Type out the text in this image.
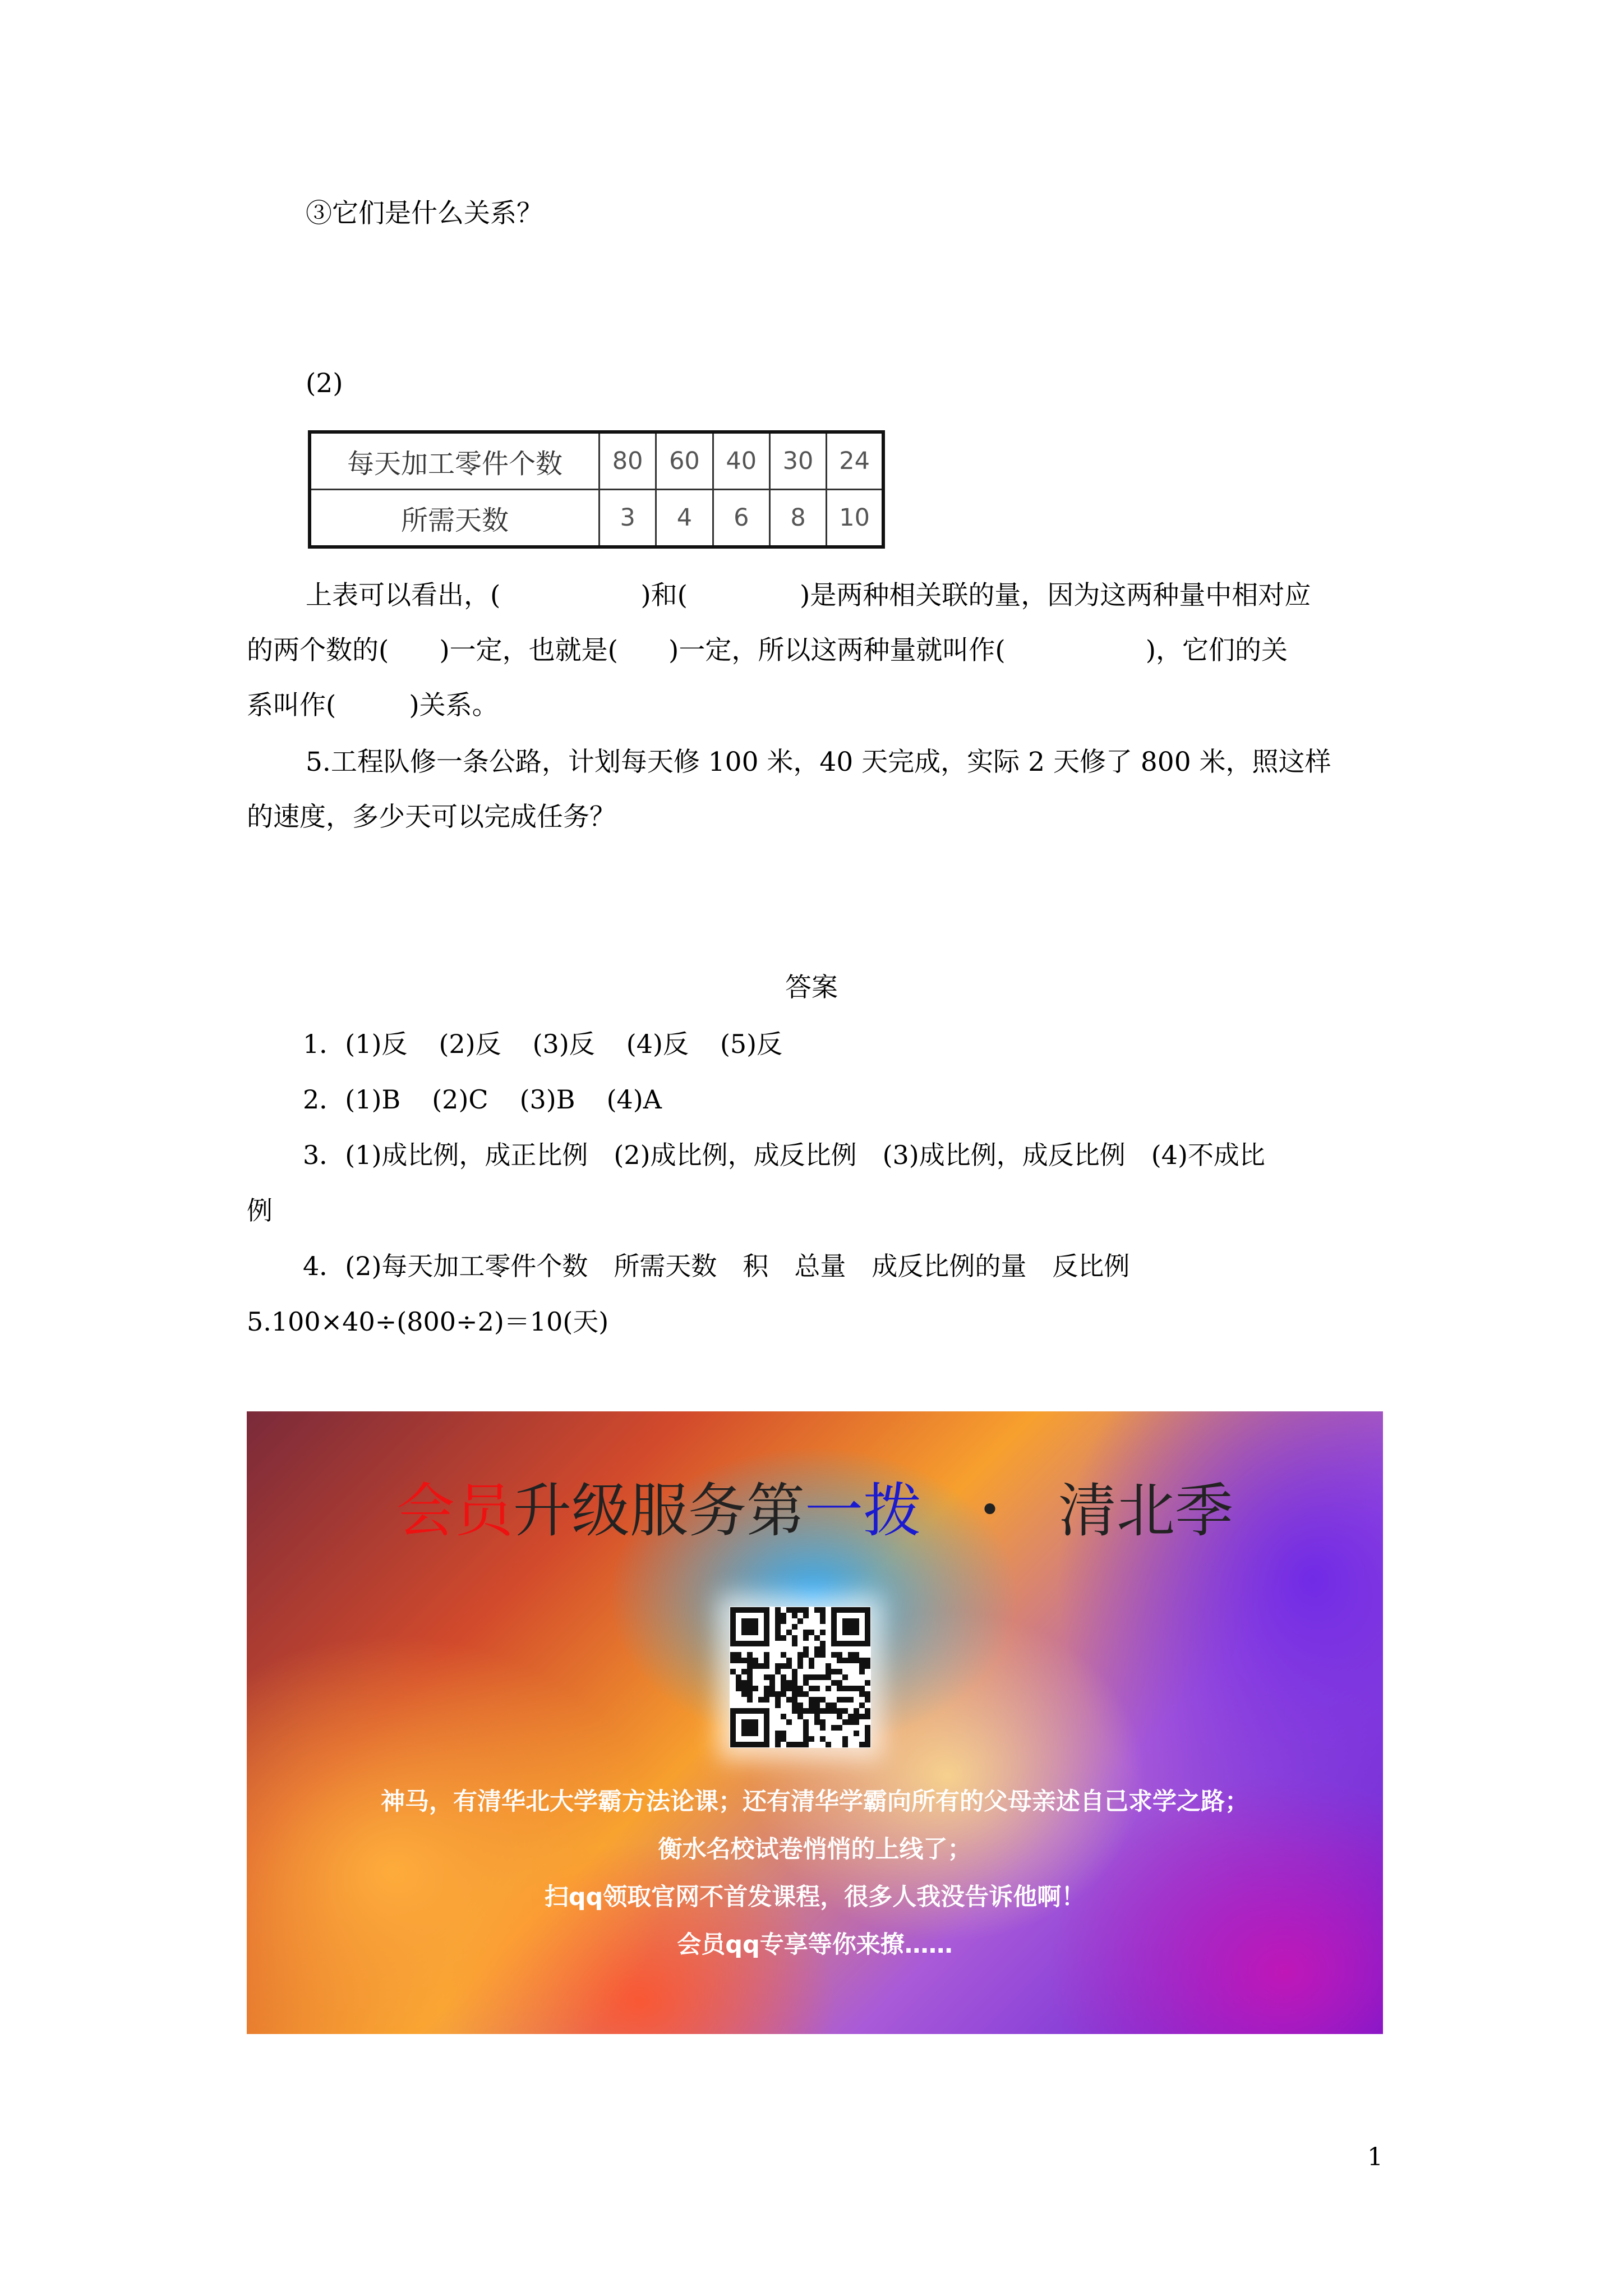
③它们是什么关系？
(2)
每天加工零件个数	80	60	40	30	24
所需天数	3	4	6	8	10
上表可以看出，(	)和(	)是两种相关联的量，因为这两种量中相对应
的两个数的( )一定，也就是( )一定，所以这两种量就叫作(	)，它们的关
系叫作(	)关系。
5.工程队修一条公路，计划每天修 100 米，40 天完成，实际 2 天修了 800 米，照这样
的速度，多少天可以完成任务？
答案
1．(1)反 (2)反 (3)反 (4)反 (5)反
2．(1)B (2)C (3)B (4)A
3．(1)成比例，成正比例　(2)成比例，成反比例　(3)成比例，成反比例　(4)不成比
例
4．(2)每天加工零件个数　所需天数　积　总量　成反比例的量　反比例
5.100×40÷(800÷2)＝10(天)
会员升级服务第一拨 ・ 清北季
神马，有清华北大学霸方法论课；还有清华学霸向所有的父母亲述自己求学之路；
衡水名校试卷悄悄的上线了；
扫qq领取官网不首发课程，很多人我没告诉他啊！
会员qq专享等你来撩……
1
